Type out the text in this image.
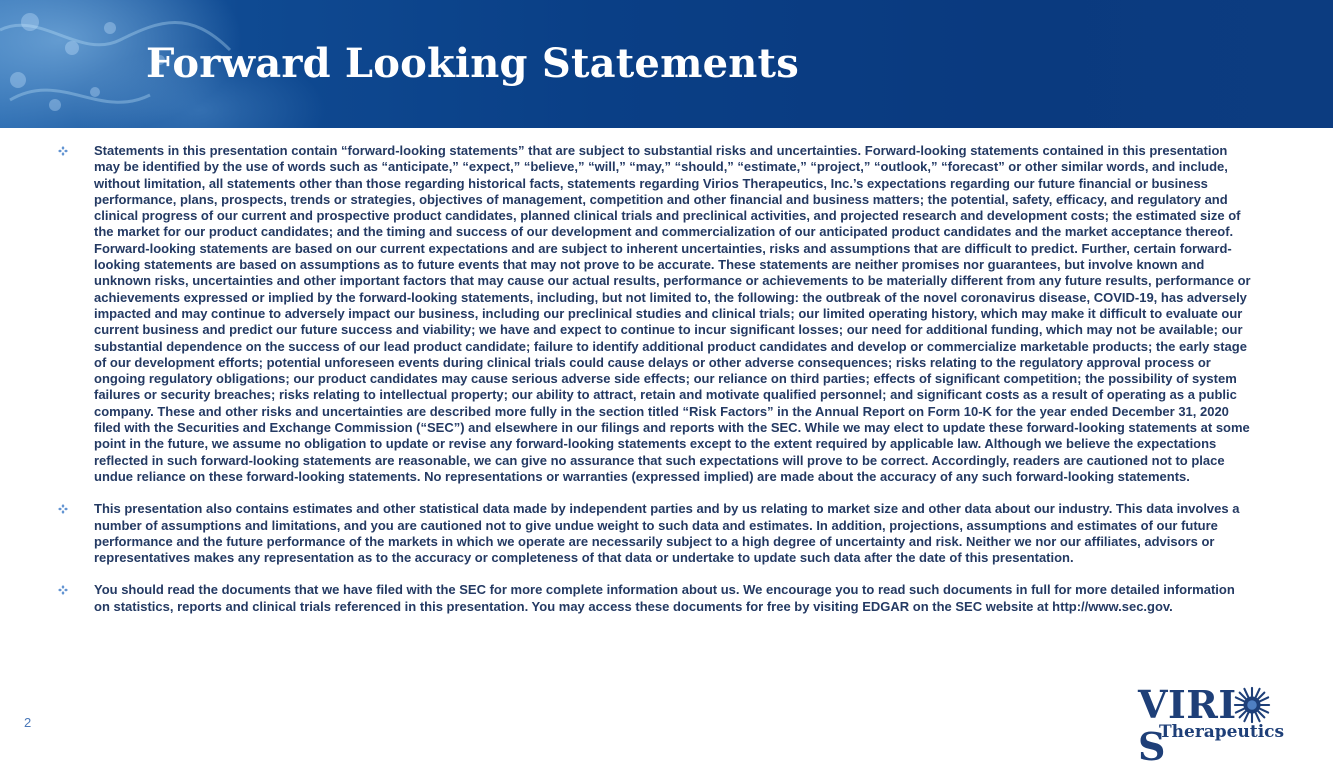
Forward Looking Statements
Statements in this presentation contain “forward-looking statements” that are subject to substantial risks and uncertainties. Forward-looking statements contained in this presentation may be identified by the use of words such as “anticipate,” “expect,” “believe,” “will,” “may,” “should,” “estimate,” “project,” “outlook,” “forecast” or other similar words, and include, without limitation, all statements other than those regarding historical facts, statements regarding Virios Therapeutics, Inc.’s expectations regarding our future financial or business performance, plans, prospects, trends or strategies, objectives of management, competition and other financial and business matters; the potential, safety, efficacy, and regulatory and clinical progress of our current and prospective product candidates, planned clinical trials and preclinical activities, and projected research and development costs; the estimated size of the market for our product candidates; and the timing and success of our development and commercialization of our anticipated product candidates and the market acceptance thereof. Forward-looking statements are based on our current expectations and are subject to inherent uncertainties, risks and assumptions that are difficult to predict. Further, certain forward-looking statements are based on assumptions as to future events that may not prove to be accurate. These statements are neither promises nor guarantees, but involve known and unknown risks, uncertainties and other important factors that may cause our actual results, performance or achievements to be materially different from any future results, performance or achievements expressed or implied by the forward-looking statements, including, but not limited to, the following: the outbreak of the novel coronavirus disease, COVID-19, has adversely impacted and may continue to adversely impact our business, including our preclinical studies and clinical trials; our limited operating history, which may make it difficult to evaluate our current business and predict our future success and viability; we have and expect to continue to incur significant losses; our need for additional funding, which may not be available; our substantial dependence on the success of our lead product candidate; failure to identify additional product candidates and develop or commercialize marketable products; the early stage of our development efforts; potential unforeseen events during clinical trials could cause delays or other adverse consequences; risks relating to the regulatory approval process or ongoing regulatory obligations; our product candidates may cause serious adverse side effects; our reliance on third parties; effects of significant competition; the possibility of system failures or security breaches; risks relating to intellectual property; our ability to attract, retain and motivate qualified personnel; and significant costs as a result of operating as a public company. These and other risks and uncertainties are described more fully in the section titled “Risk Factors” in the Annual Report on Form 10-K for the year ended December 31, 2020 filed with the Securities and Exchange Commission (“SEC”) and elsewhere in our filings and reports with the SEC. While we may elect to update these forward-looking statements at some point in the future, we assume no obligation to update or revise any forward-looking statements except to the extent required by applicable law. Although we believe the expectations reflected in such forward-looking statements are reasonable, we can give no assurance that such expectations will prove to be correct. Accordingly, readers are cautioned not to place undue reliance on these forward-looking statements. No representations or warranties (expressed implied) are made about the accuracy of any such forward-looking statements.
This presentation also contains estimates and other statistical data made by independent parties and by us relating to market size and other data about our industry. This data involves a number of assumptions and limitations, and you are cautioned not to give undue weight to such data and estimates. In addition, projections, assumptions and estimates of our future performance and the future performance of the markets in which we operate are necessarily subject to a high degree of uncertainty and risk. Neither we nor our affiliates, advisors or representatives makes any representation as to the accuracy or completeness of that data or undertake to update such data after the date of this presentation.
You should read the documents that we have filed with the SEC for more complete information about us. We encourage you to read such documents in full for more detailed information on statistics, reports and clinical trials referenced in this presentation. You may access these documents for free by visiting EDGAR on the SEC website at http://www.sec.gov.
2	VIRIS
Therapeutics
